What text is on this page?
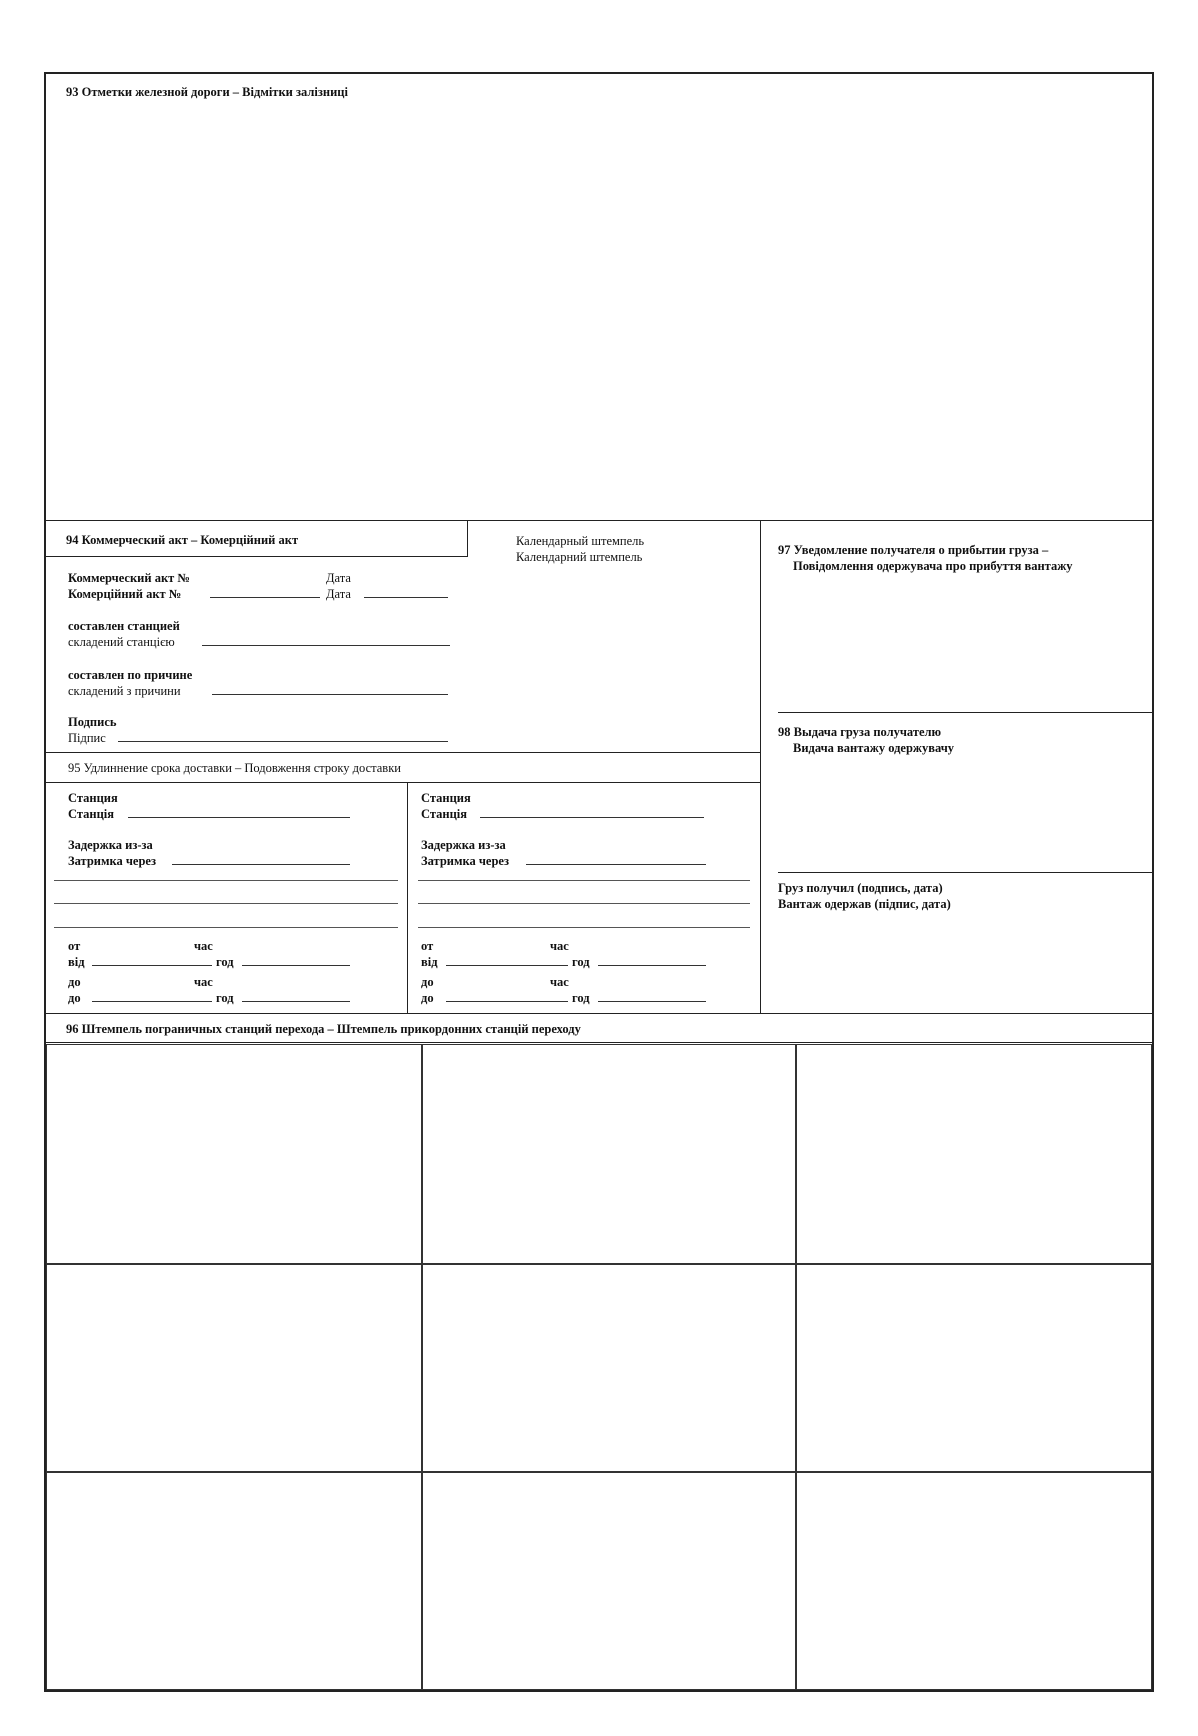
93 Отметки железной дороги – Відмітки залізниці
94 Коммерческий акт – Комерційний акт	Календарный штемпель
Календарний штемпель
Коммерческий акт №	Дата
Комерційний акт №	Дата
составлен станцией
складений станцією
составлен по причине
складений з причини
Подпись
Підпис
97 Уведомление получателя о прибытии груза –
Повідомлення одержувача про прибуття вантажу
98 Выдача груза получателю
Видача вантажу одержувачу
Груз получил (подпись, дата)
Вантаж одержав (підпис, дата)
95 Удлиннение срока доставки – Подовження строку доставки
Станция
Станція
Задержка из-за
Затримка через
от	час
від	год
до	час
до	год
Станция
Станція
Задержка из-за
Затримка через
от	час
від	год
до	час
до	год
96 Штемпель пограничных станций перехода – Штемпель прикордонних станцій переходу
